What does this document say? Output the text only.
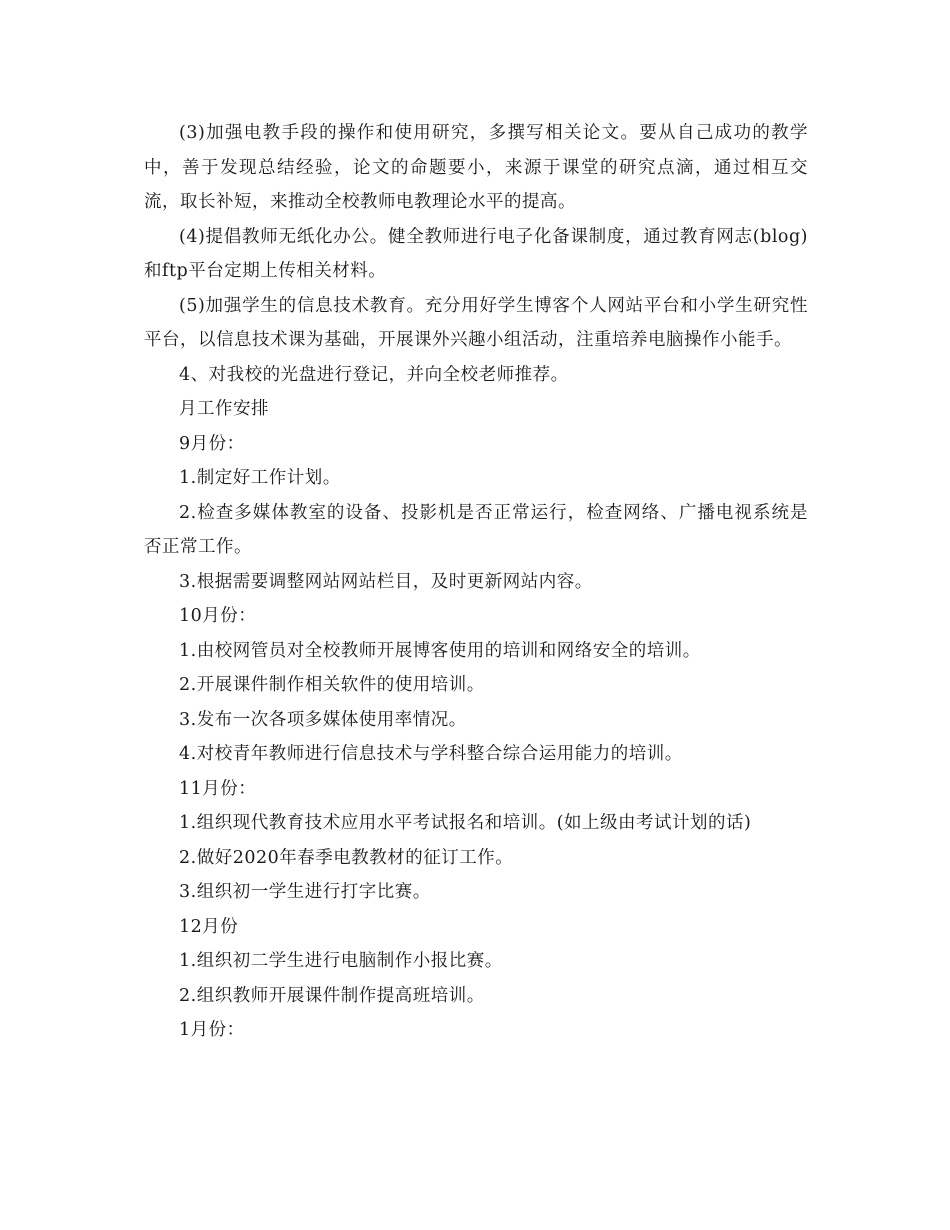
(3)加强电教手段的操作和使用研究，多撰写相关论文。要从自己成功的教学中，善于发现总结经验，论文的命题要小，来源于课堂的研究点滴，通过相互交流，取长补短，来推动全校教师电教理论水平的提高。

(4)提倡教师无纸化办公。健全教师进行电子化备课制度，通过教育网志(blog)和ftp平台定期上传相关材料。

(5)加强学生的信息技术教育。充分用好学生博客个人网站平台和小学生研究性平台，以信息技术课为基础，开展课外兴趣小组活动，注重培养电脑操作小能手。

4、对我校的光盘进行登记，并向全校老师推荐。

月工作安排

9月份：

1.制定好工作计划。

2.检查多媒体教室的设备、投影机是否正常运行，检查网络、广播电视系统是否正常工作。

3.根据需要调整网站网站栏目，及时更新网站内容。

10月份：

1.由校网管员对全校教师开展博客使用的培训和网络安全的培训。

2.开展课件制作相关软件的使用培训。

3.发布一次各项多媒体使用率情况。

4.对校青年教师进行信息技术与学科整合综合运用能力的培训。

11月份：

1.组织现代教育技术应用水平考试报名和培训。(如上级由考试计划的话)

2.做好2020年春季电教教材的征订工作。

3.组织初一学生进行打字比赛。

12月份

1.组织初二学生进行电脑制作小报比赛。

2.组织教师开展课件制作提高班培训。

1月份：
